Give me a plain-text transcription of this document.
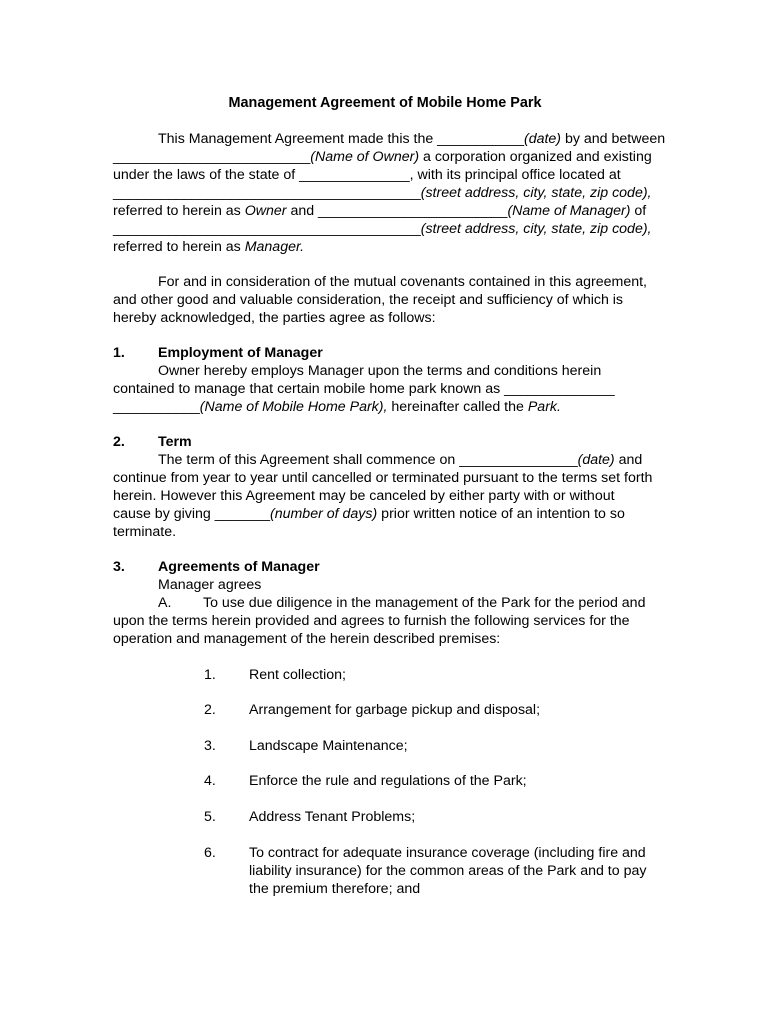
Management Agreement of Mobile Home Park
This Management Agreement made this the ___________(date) by and between
_________________________(Name of Owner) a corporation organized and existing
under the laws of the state of ______________, with its principal office located at
_______________________________________(street address, city, state, zip code),
referred to herein as Owner and ________________________(Name of Manager) of
_______________________________________(street address, city, state, zip code),
referred to herein as Manager.
For and in consideration of the mutual covenants contained in this agreement,
and other good and valuable consideration, the receipt and sufficiency of which is
hereby acknowledged, the parties agree as follows:
1. Employment of Manager
Owner hereby employs Manager upon the terms and conditions herein
contained to manage that certain mobile home park known as ______________
___________(Name of Mobile Home Park), hereinafter called the Park.
2. Term
The term of this Agreement shall commence on _______________(date) and
continue from year to year until cancelled or terminated pursuant to the terms set forth
herein. However this Agreement may be canceled by either party with or without
cause by giving _______(number of days) prior written notice of an intention to so
terminate.
3. Agreements of Manager
Manager agrees
A. To use due diligence in the management of the Park for the period and
upon the terms herein provided and agrees to furnish the following services for the
operation and management of the herein described premises:
1. Rent collection;
2. Arrangement for garbage pickup and disposal;
3. Landscape Maintenance;
4. Enforce the rule and regulations of the Park;
5. Address Tenant Problems;
6. To contract for adequate insurance coverage (including fire and
liability insurance) for the common areas of the Park and to pay
the premium therefore; and
